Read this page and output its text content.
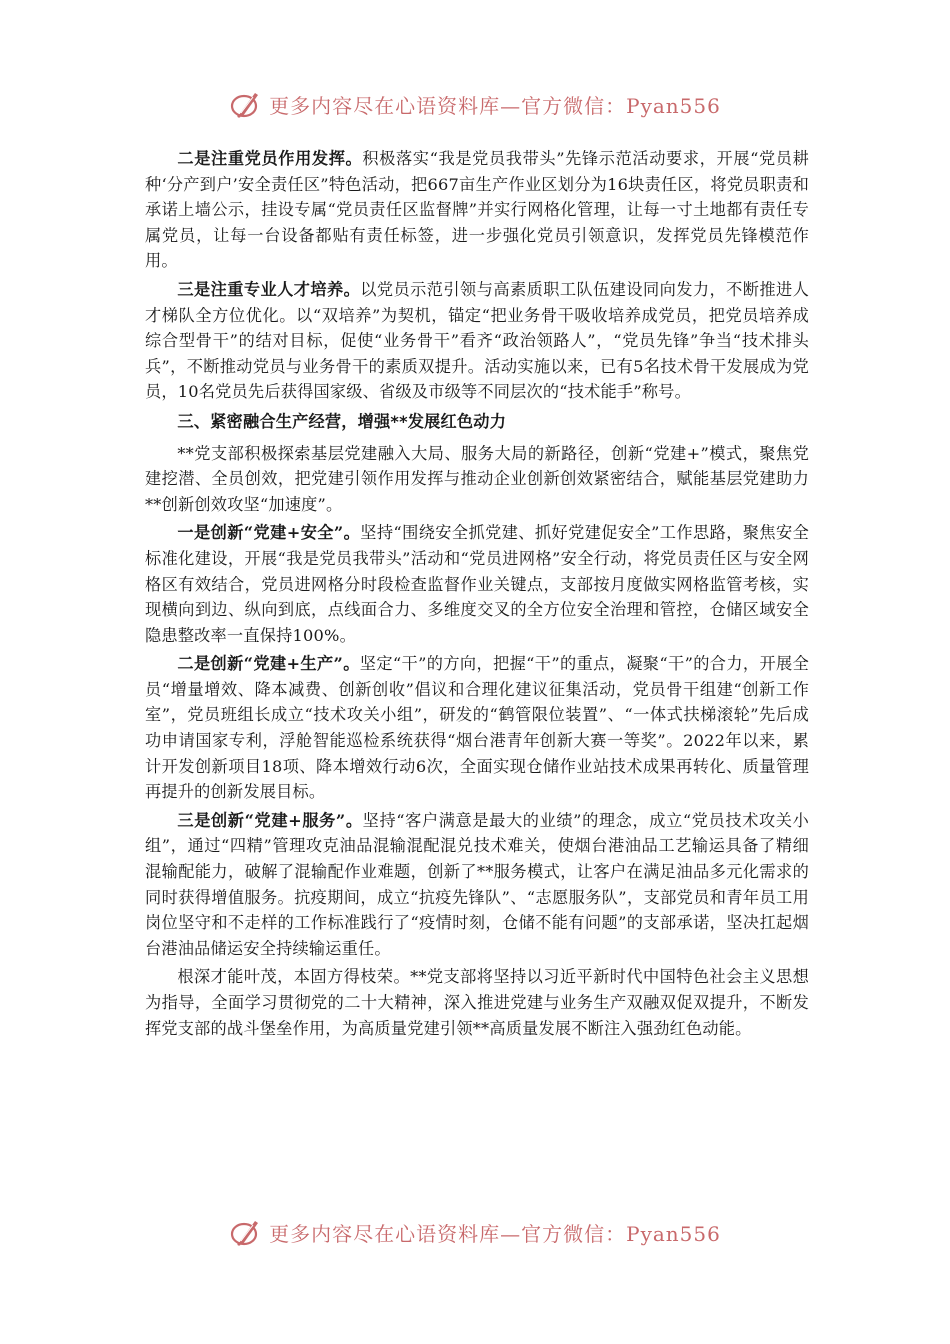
更多内容尽在心语资料库—官方微信：Pyan556

二是注重党员作用发挥。积极落实“我是党员我带头”先锋示范活动要求，开展“党员耕种‘分产到户’安全责任区”特色活动，把667亩生产作业区划分为16块责任区，将党员职责和承诺上墙公示，挂设专属“党员责任区监督牌”并实行网格化管理，让每一寸土地都有责任专属党员，让每一台设备都贴有责任标签，进一步强化党员引领意识，发挥党员先锋模范作用。

三是注重专业人才培养。以党员示范引领与高素质职工队伍建设同向发力，不断推进人才梯队全方位优化。以“双培养”为契机，锚定“把业务骨干吸收培养成党员，把党员培养成综合型骨干”的结对目标，促使“业务骨干”看齐“政治领路人”，“党员先锋”争当“技术排头兵”，不断推动党员与业务骨干的素质双提升。活动实施以来，已有5名技术骨干发展成为党员，10名党员先后获得国家级、省级及市级等不同层次的“技术能手”称号。

三、紧密融合生产经营，增强**发展红色动力

**党支部积极探索基层党建融入大局、服务大局的新路径，创新“党建+”模式，聚焦党建挖潜、全员创效，把党建引领作用发挥与推动企业创新创效紧密结合，赋能基层党建助力**创新创效攻坚“加速度”。

一是创新“党建+安全”。坚持“围绕安全抓党建、抓好党建促安全”工作思路，聚焦安全标准化建设，开展“我是党员我带头”活动和“党员进网格”安全行动，将党员责任区与安全网格区有效结合，党员进网格分时段检查监督作业关键点，支部按月度做实网格监管考核，实现横向到边、纵向到底，点线面合力、多维度交叉的全方位安全治理和管控，仓储区域安全隐患整改率一直保持100%。

二是创新“党建+生产”。坚定“干”的方向，把握“干”的重点，凝聚“干”的合力，开展全员“增量增效、降本减费、创新创收”倡议和合理化建议征集活动，党员骨干组建“创新工作室”，党员班组长成立“技术攻关小组”，研发的“鹤管限位装置”、“一体式扶梯滚轮”先后成功申请国家专利，浮舱智能巡检系统获得“烟台港青年创新大赛一等奖”。2022年以来，累计开发创新项目18项、降本增效行动6次，全面实现仓储作业站技术成果再转化、质量管理再提升的创新发展目标。

三是创新“党建+服务”。坚持“客户满意是最大的业绩”的理念，成立“党员技术攻关小组”，通过“四精”管理攻克油品混输混配混兑技术难关，使烟台港油品工艺输运具备了精细混输配能力，破解了混输配作业难题，创新了**服务模式，让客户在满足油品多元化需求的同时获得增值服务。抗疫期间，成立“抗疫先锋队”、“志愿服务队”，支部党员和青年员工用岗位坚守和不走样的工作标准践行了“疫情时刻，仓储不能有问题”的支部承诺，坚决扛起烟台港油品储运安全持续输运重任。

根深才能叶茂，本固方得枝荣。**党支部将坚持以习近平新时代中国特色社会主义思想为指导，全面学习贯彻党的二十大精神，深入推进党建与业务生产双融双促双提升，不断发挥党支部的战斗堡垒作用，为高质量党建引领**高质量发展不断注入强劲红色动能。

更多内容尽在心语资料库—官方微信：Pyan556
